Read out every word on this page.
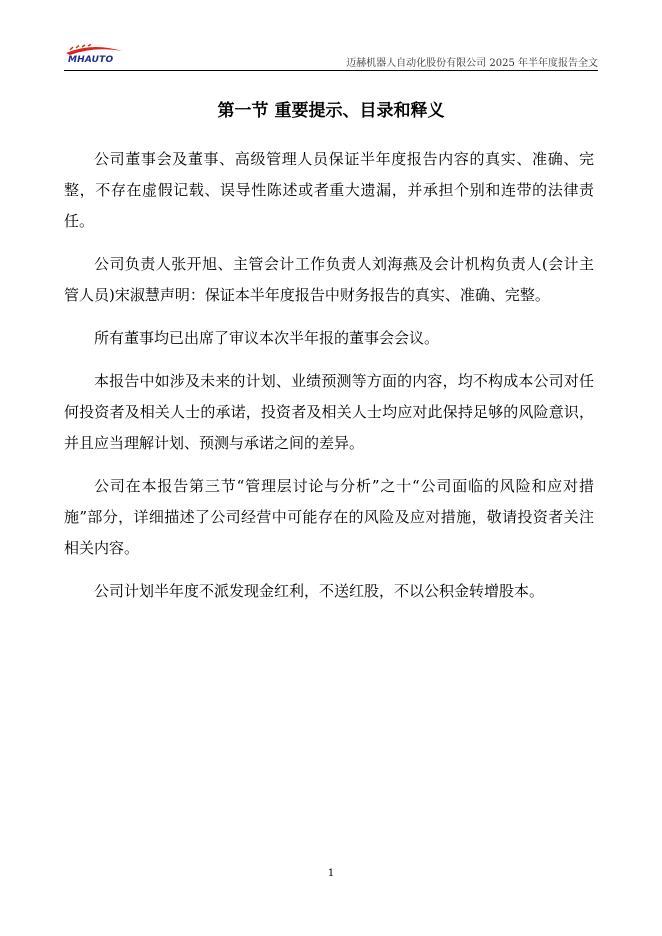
MHAUTO	迈赫机器人自动化股份有限公司 2025 年半年度报告全文
第一节 重要提示、目录和释义

公司董事会及董事、高级管理人员保证半年度报告内容的真实、准确、完整，不存在虚假记载、误导性陈述或者重大遗漏，并承担个别和连带的法律责任。

公司负责人张开旭、主管会计工作负责人刘海燕及会计机构负责人(会计主管人员)宋淑慧声明：保证本半年度报告中财务报告的真实、准确、完整。

所有董事均已出席了审议本次半年报的董事会会议。

本报告中如涉及未来的计划、业绩预测等方面的内容，均不构成本公司对任何投资者及相关人士的承诺，投资者及相关人士均应对此保持足够的风险意识，并且应当理解计划、预测与承诺之间的差异。

公司在本报告第三节“管理层讨论与分析”之十“公司面临的风险和应对措施”部分，详细描述了公司经营中可能存在的风险及应对措施，敬请投资者关注相关内容。

公司计划半年度不派发现金红利，不送红股，不以公积金转增股本。

1
